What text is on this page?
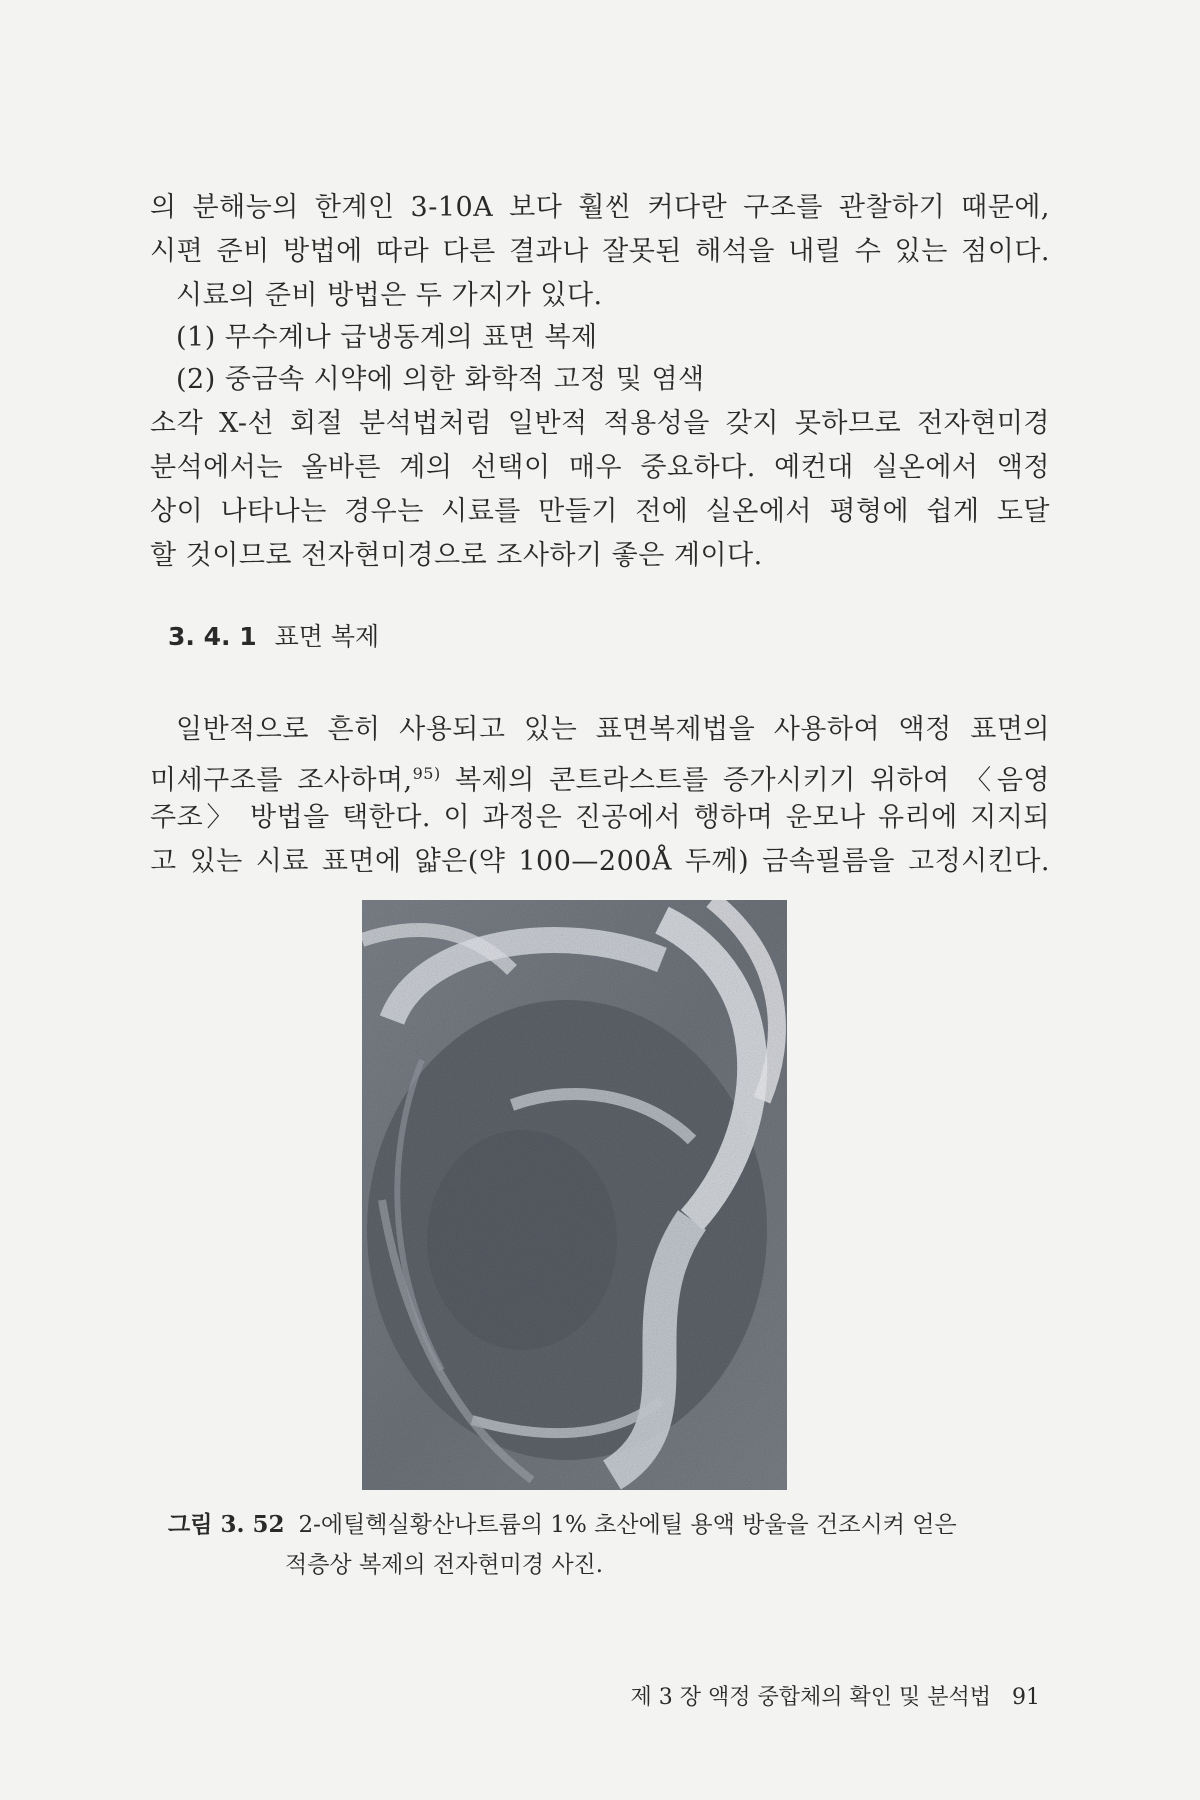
의 분해능의 한계인 3-10A 보다 훨씬 커다란 구조를 관찰하기 때문에,
시편 준비 방법에 따라 다른 결과나 잘못된 해석을 내릴 수 있는 점이다.
시료의 준비 방법은 두 가지가 있다.
(1) 무수계나 급냉동계의 표면 복제
(2) 중금속 시약에 의한 화학적 고정 및 염색
소각 X-선 회절 분석법처럼 일반적 적용성을 갖지 못하므로 전자현미경
분석에서는 올바른 계의 선택이 매우 중요하다. 예컨대 실온에서 액정
상이 나타나는 경우는 시료를 만들기 전에 실온에서 평형에 쉽게 도달
할 것이므로 전자현미경으로 조사하기 좋은 계이다.
3. 4. 1 표면 복제
일반적으로 흔히 사용되고 있는 표면복제법을 사용하여 액정 표면의
미세구조를 조사하며,$^{95)}$ 복제의 콘트라스트를 증가시키기 위하여 〈음영
주조〉 방법을 택한다. 이 과정은 진공에서 행하며 운모나 유리에 지지되
고 있는 시료 표면에 얇은(약 100—200Å 두께) 금속필름을 고정시킨다.
그림 3. 52 2-에틸헥실황산나트륨의 1% 초산에틸 용액 방울을 건조시켜 얻은
적층상 복제의 전자현미경 사진.
제 3 장 액정 중합체의 확인 및 분석법 91
